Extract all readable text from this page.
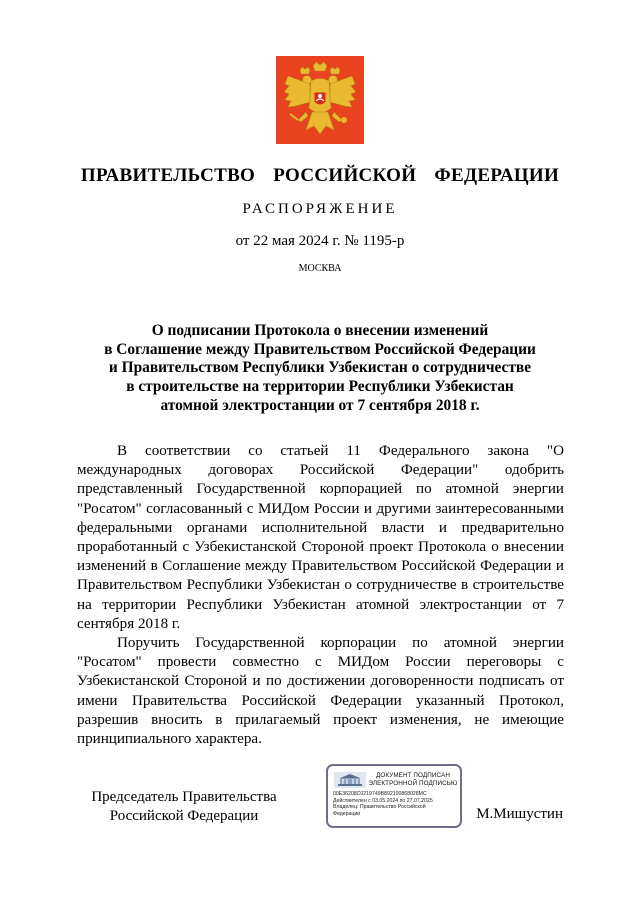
ПРАВИТЕЛЬСТВО  РОССИЙСКОЙ  ФЕДЕРАЦИИ
РАСПОРЯЖЕНИЕ
от 22 мая 2024 г. № 1195-р
МОСКВА
О подписании Протокола о внесении изменений
в Соглашение между Правительством Российской Федерации
и Правительством Республики Узбекистан о сотрудничестве
в строительстве на территории Республики Узбекистан
атомной электростанции от 7 сентября 2018 г.

В соответствии со статьей 11 Федерального закона "О международных договорах Российской Федерации" одобрить представленный Государственной корпорацией по атомной энергии "Росатом" согласованный с МИДом России и другими заинтересованными федеральными органами исполнительной власти и предварительно проработанный с Узбекистанской Стороной проект Протокола о внесении изменений в Соглашение между Правительством Российской Федерации и Правительством Республики Узбекистан о сотрудничестве в строительстве на территории Республики Узбекистан атомной электростанции от 7 сентября 2018 г.

Поручить Государственной корпорации по атомной энергии "Росатом" провести совместно с МИДом России переговоры с Узбекистанской Стороной и по достижении договоренности подписать от имени Правительства Российской Федерации указанный Протокол, разрешив вносить в прилагаемый проект изменения, не имеющие принципиального характера.

Председатель Правительства
Российской Федерации
ДОКУМЕНТ ПОДПИСАН
ЭЛЕКТРОННОЙ ПОДПИСЬЮ
00E36208C0219749B892100868028MC
Действителен с 03.05.2024 по 27.07.2025
Владелец: Правительство Российской
Федерации	М.Мишустин
